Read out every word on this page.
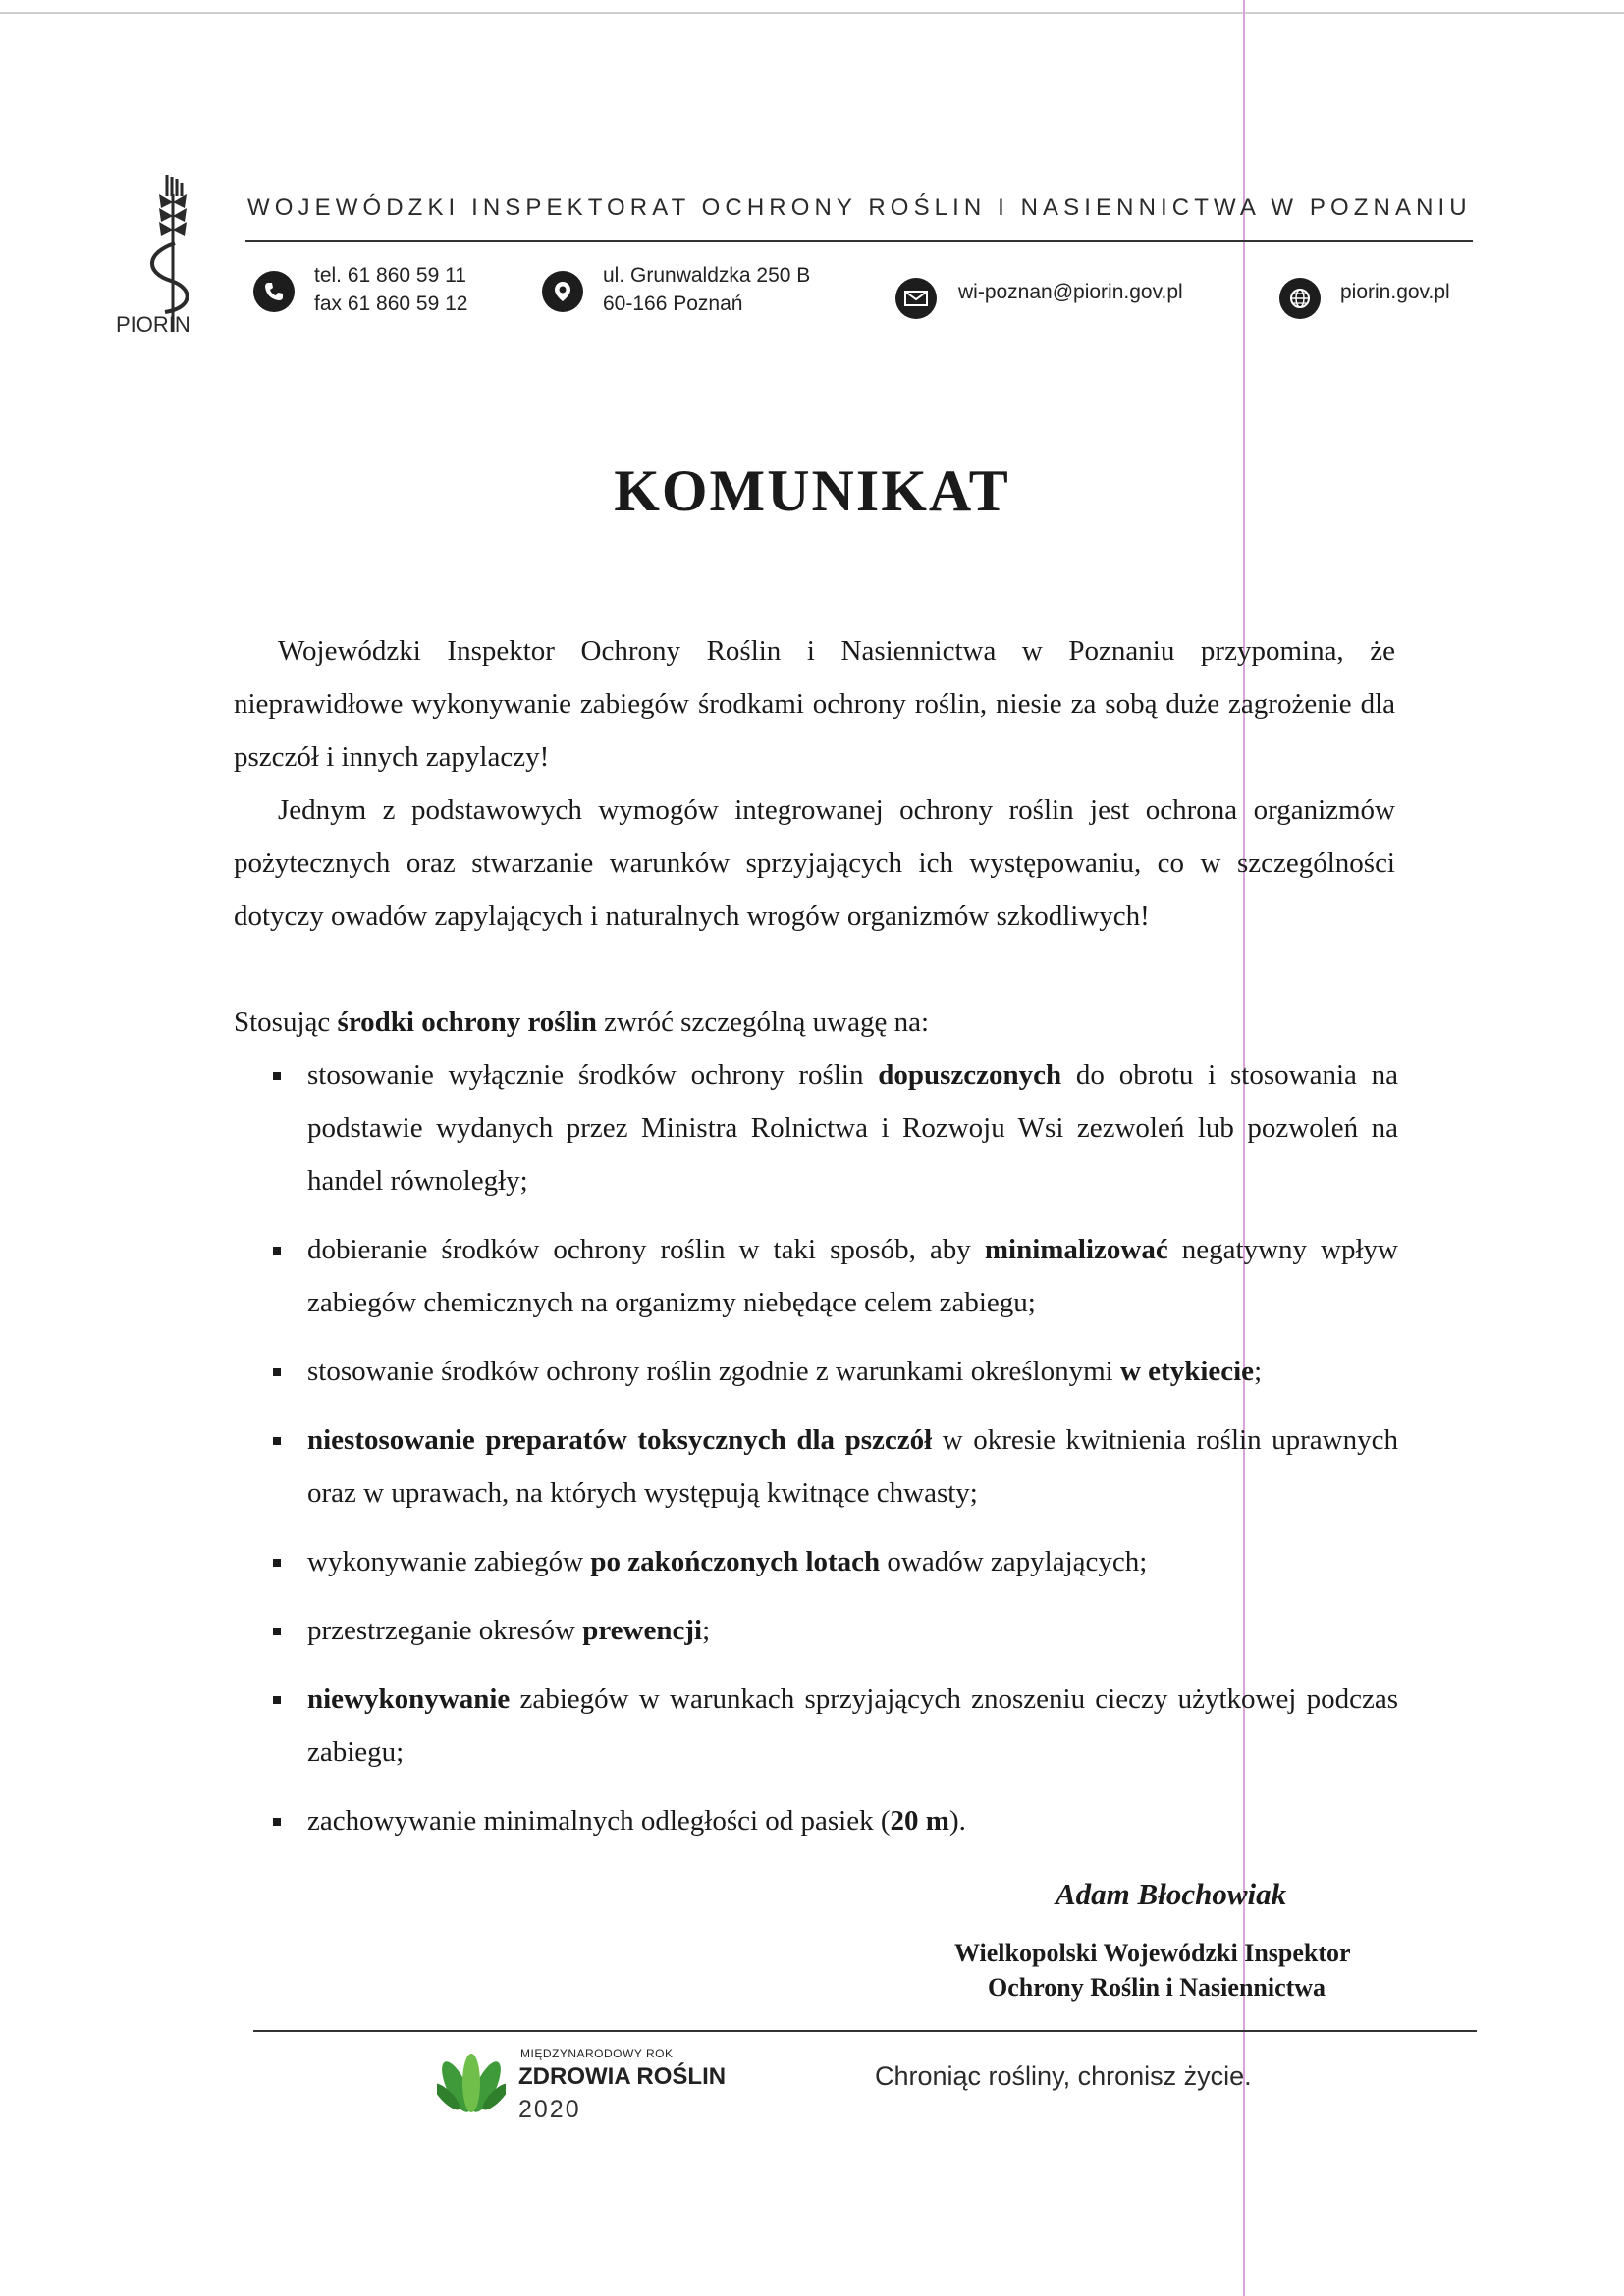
PIORIN
WOJEWÓDZKI INSPEKTORAT OCHRONY ROŚLIN I NASIENNICTWA W POZNANIU
tel. 61 860 59 11
fax 61 860 59 12
ul. Grunwaldzka 250 B
60-166 Poznań
wi-poznan@piorin.gov.pl	piorin.gov.pl
KOMUNIKAT
Wojewódzki Inspektor Ochrony Roślin i Nasiennictwa w Poznaniu przypomina, że nieprawidłowe wykonywanie zabiegów środkami ochrony roślin, niesie za sobą duże zagrożenie dla pszczół i innych zapylaczy!
Jednym z podstawowych wymogów integrowanej ochrony roślin jest ochrona organizmów pożytecznych oraz stwarzanie warunków sprzyjających ich występowaniu, co w szczególności dotyczy owadów zapylających i naturalnych wrogów organizmów szkodliwych!
Stosując środki ochrony roślin zwróć szczególną uwagę na:
stosowanie wyłącznie środków ochrony roślin dopuszczonych do obrotu i stosowania na podstawie wydanych przez Ministra Rolnictwa i Rozwoju Wsi zezwoleń lub pozwoleń na handel równoległy;
dobieranie środków ochrony roślin w taki sposób, aby minimalizować negatywny wpływ zabiegów chemicznych na organizmy niebędące celem zabiegu;
stosowanie środków ochrony roślin zgodnie z warunkami określonymi w etykiecie;
niestosowanie preparatów toksycznych dla pszczół w okresie kwitnienia roślin uprawnych oraz w uprawach, na których występują kwitnące chwasty;
wykonywanie zabiegów po zakończonych lotach owadów zapylających;
przestrzeganie okresów prewencji;
niewykonywanie zabiegów w warunkach sprzyjających znoszeniu cieczy użytkowej podczas zabiegu;
zachowywanie minimalnych odległości od pasiek (20 m).
Adam Błochowiak
Wielkopolski Wojewódzki Inspektor
Ochrony Roślin i Nasiennictwa
MIĘDZYNARODOWY ROK
ZDROWIA ROŚLIN
2020
Chroniąc rośliny, chronisz życie.
